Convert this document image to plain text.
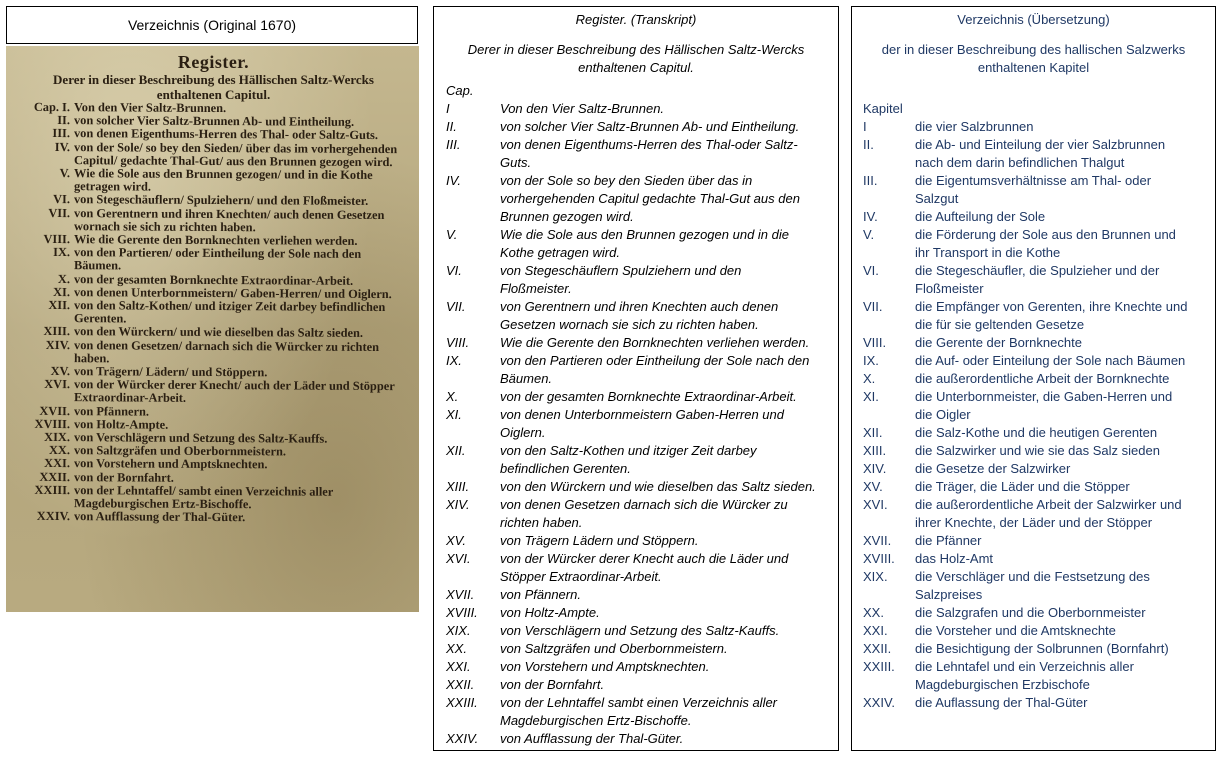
Verzeichnis (Original 1670)
Register.
Derer in dieser Beschreibung des Hällischen Saltz-Wercks enthaltenen Capitul.
Cap. I. Von den Vier Saltz-Brunnen.
II. von solcher Vier Saltz-Brunnen Ab- und Eintheilung.
III. von denen Eigenthums-Herren des Thal- oder Saltz-Guts.
IV. von der Sole/ so bey den Sieden/ über das im vorhergehenden Capitul/ gedachte Thal-Gut/ aus den Brunnen gezogen wird.
V. Wie die Sole aus den Brunnen gezogen/ und in die Kothe getragen wird.
VI. von Stegeschäuflern/ Spulziehern/ und den Floßmeister.
VII. von Gerentnern und ihren Knechten/ auch denen Gesetzen wornach sie sich zu richten haben.
VIII. Wie die Gerente den Bornknechten verliehen werden.
IX. von den Partieren/ oder Eintheilung der Sole nach den Bäumen.
X. von der gesamten Bornknechte Extraordinar-Arbeit.
XI. von denen Unterbornmeistern/ Gaben-Herren/ und Oiglern.
XII. von den Saltz-Kothen/ und itziger Zeit darbey befindlichen Gerenten.
XIII. von den Würckern/ und wie dieselben das Saltz sieden.
XIV. von denen Gesetzen/ darnach sich die Würcker zu richten haben.
XV. von Trägern/ Lädern/ und Stöppern.
XVI. von der Würcker derer Knecht/ auch der Läder und Stöpper Extraordinar-Arbeit.
XVII. von Pfännern.
XVIII. von Holtz-Ampte.
XIX. von Verschlägern und Setzung des Saltz-Kauffs.
XX. von Saltzgräfen und Oberbornmeistern.
XXI. von Vorstehern und Amptsknechten.
XXII. von der Bornfahrt.
XXIII. von der Lehntaffel/ sambt einen Verzeichnis aller Magdeburgischen Ertz-Bischoffe.
XXIV. von Aufflassung der Thal-Güter.
Register. (Transkript)
Derer in dieser Beschreibung des Hällischen Saltz-Wercks
enthaltenen Capitul.
Cap.
I	Von den Vier Saltz-Brunnen.
II.	von solcher Vier Saltz-Brunnen Ab- und Eintheilung.
III.	von denen Eigenthums-Herren des Thal-oder Saltz-
Guts.
IV.	von der Sole so bey den Sieden über das in
vorhergehenden Capitul gedachte Thal-Gut aus den
Brunnen gezogen wird.
V.	Wie die Sole aus den Brunnen gezogen und in die
Kothe getragen wird.
VI.	von Stegeschäuflern Spulziehern und den
Floßmeister.
VII.	von Gerentnern und ihren Knechten auch denen
Gesetzen wornach sie sich zu richten haben.
VIII.	Wie die Gerente den Bornknechten verliehen werden.
IX.	von den Partieren oder Eintheilung der Sole nach den
Bäumen.
X.	von der gesamten Bornknechte Extraordinar-Arbeit.
XI.	von denen Unterbornmeistern Gaben-Herren und
Oiglern.
XII.	von den Saltz-Kothen und itziger Zeit darbey
befindlichen Gerenten.
XIII.	von den Würckern und wie dieselben das Saltz sieden.
XIV.	von denen Gesetzen darnach sich die Würcker zu
richten haben.
XV.	von Trägern Lädern und Stöppern.
XVI.	von der Würcker derer Knecht auch die Läder und
Stöpper Extraordinar-Arbeit.
XVII.	von Pfännern.
XVIII.	von Holtz-Ampte.
XIX.	von Verschlägern und Setzung des Saltz-Kauffs.
XX.	von Saltzgräfen und Oberbornmeistern.
XXI.	von Vorstehern und Amptsknechten.
XXII.	von der Bornfahrt.
XXIII.	von der Lehntaffel sambt einen Verzeichnis aller
Magdeburgischen Ertz-Bischoffe.
XXIV.	von Aufflassung der Thal-Güter.
Verzeichnis (Übersetzung)
der in dieser Beschreibung des hallischen Salzwerks
enthaltenen Kapitel
Kapitel
I	die vier Salzbrunnen
II.	die Ab- und Einteilung der vier Salzbrunnen
nach dem darin befindlichen Thalgut
III.	die Eigentumsverhältnisse am Thal- oder
Salzgut
IV.	die Aufteilung der Sole
V.	die Förderung der Sole aus den Brunnen und
ihr Transport in die Kothe
VI.	die Stegeschäufler, die Spulzieher und der
Floßmeister
VII.	die Empfänger von Gerenten, ihre Knechte und
die für sie geltenden Gesetze
VIII.	die Gerente der Bornknechte
IX.	die Auf- oder Einteilung der Sole nach Bäumen
X.	die außerordentliche Arbeit der Bornknechte
XI.	die Unterbornmeister, die Gaben-Herren und
die Oigler
XII.	die Salz-Kothe und die heutigen Gerenten
XIII.	die Salzwirker und wie sie das Salz sieden
XIV.	die Gesetze der Salzwirker
XV.	die Träger, die Läder und die Stöpper
XVI.	die außerordentliche Arbeit der Salzwirker und
ihrer Knechte, der Läder und der Stöpper
XVII.	die Pfänner
XVIII.	das Holz-Amt
XIX.	die Verschläger und die Festsetzung des
Salzpreises
XX.	die Salzgrafen und die Oberbornmeister
XXI.	die Vorsteher und die Amtsknechte
XXII.	die Besichtigung der Solbrunnen (Bornfahrt)
XXIII.	die Lehntafel und ein Verzeichnis aller
Magdeburgischen Erzbischofe
XXIV.	die Auflassung der Thal-Güter
